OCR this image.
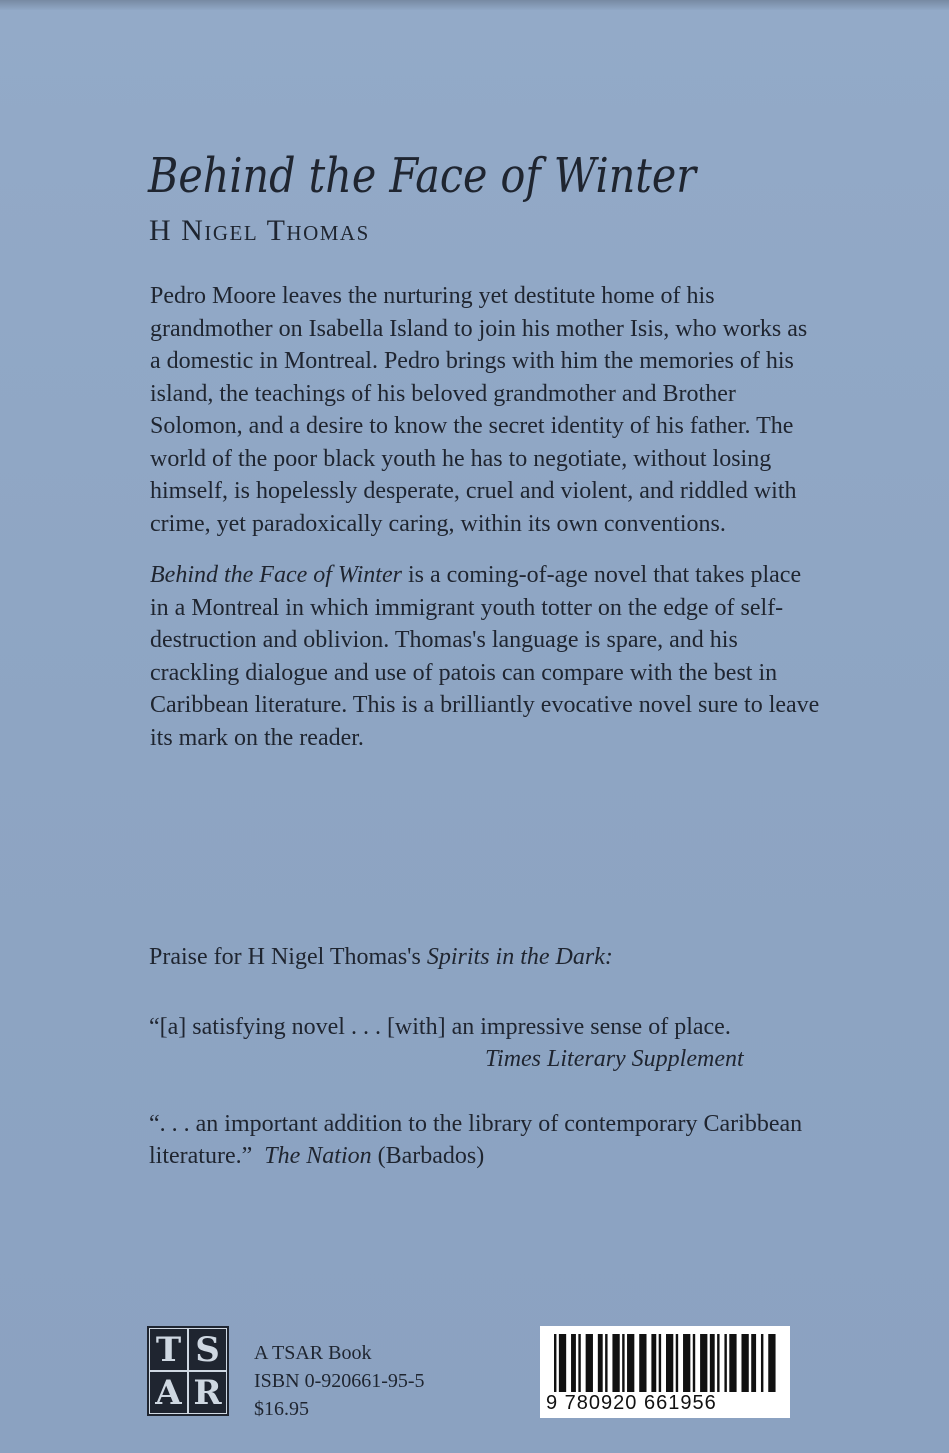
Behind the Face of Winter
H Nigel Thomas

Pedro Moore leaves the nurturing yet destitute home of his grandmother on Isabella Island to join his mother Isis, who works as a domestic in Montreal. Pedro brings with him the memories of his island, the teachings of his beloved grandmother and Brother Solomon, and a desire to know the secret identity of his father. The world of the poor black youth he has to negotiate, without losing himself, is hopelessly desperate, cruel and violent, and riddled with crime, yet paradoxically caring, within its own conventions.

Behind the Face of Winter is a coming-of-age novel that takes place in a Montreal in which immigrant youth totter on the edge of self-destruction and oblivion. Thomas's language is spare, and his crackling dialogue and use of patois can compare with the best in Caribbean literature. This is a brilliantly evocative novel sure to leave its mark on the reader.

Praise for H Nigel Thomas's Spirits in the Dark:
“[a] satisfying novel . . . [with] an impressive sense of place.
Times Literary Supplement
“. . . an important addition to the library of contemporary Caribbean literature.” The Nation (Barbados)
T S
A R
A TSAR Book
ISBN 0-920661-95-5
$16.95	9 780920 661956
